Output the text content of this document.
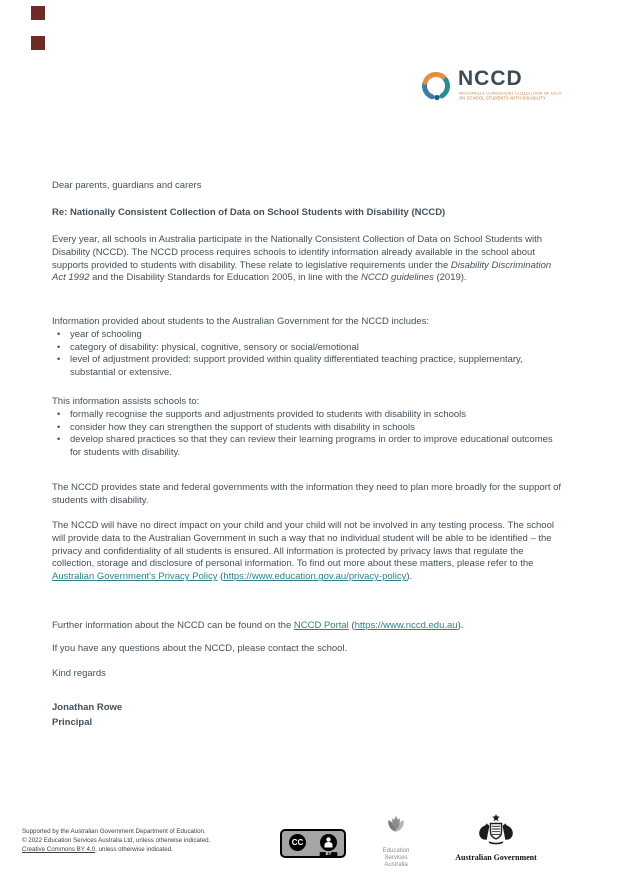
NCCD
NATIONALLY CONSISTENT COLLECTION OF DATA
ON SCHOOL STUDENTS WITH DISABILITY

Dear parents, guardians and carers

Re: Nationally Consistent Collection of Data on School Students with Disability (NCCD)

Every year, all schools in Australia participate in the Nationally Consistent Collection of Data on School Students with Disability (NCCD). The NCCD process requires schools to identify information already available in the school about supports provided to students with disability. These relate to legislative requirements under the Disability Discrimination Act 1992 and the Disability Standards for Education 2005, in line with the NCCD guidelines (2019).

Information provided about students to the Australian Government for the NCCD includes:

• year of schooling
• category of disability: physical, cognitive, sensory or social/emotional
• level of adjustment provided: support provided within quality differentiated teaching practice, supplementary, substantial or extensive.

This information assists schools to:

• formally recognise the supports and adjustments provided to students with disability in schools
• consider how they can strengthen the support of students with disability in schools
• develop shared practices so that they can review their learning programs in order to improve educational outcomes for students with disability.

The NCCD provides state and federal governments with the information they need to plan more broadly for the support of students with disability.

The NCCD will have no direct impact on your child and your child will not be involved in any testing process. The school will provide data to the Australian Government in such a way that no individual student will be able to be identified – the privacy and confidentiality of all students is ensured. All information is protected by privacy laws that regulate the collection, storage and disclosure of personal information. To find out more about these matters, please refer to the Australian Government's Privacy Policy (https://www.education.gov.au/privacy-policy).

Further information about the NCCD can be found on the NCCD Portal (https://www.nccd.edu.au).

If you have any questions about the NCCD, please contact the school.

Kind regards

Jonathan Rowe
Principal
Supported by the Australian Government Department of Education.
© 2022 Education Services Australia Ltd, unless otherwise indicated.
Creative Commons BY 4.0, unless otherwise indicated.
CC
BY
Education
Services
Australia
Australian Government
